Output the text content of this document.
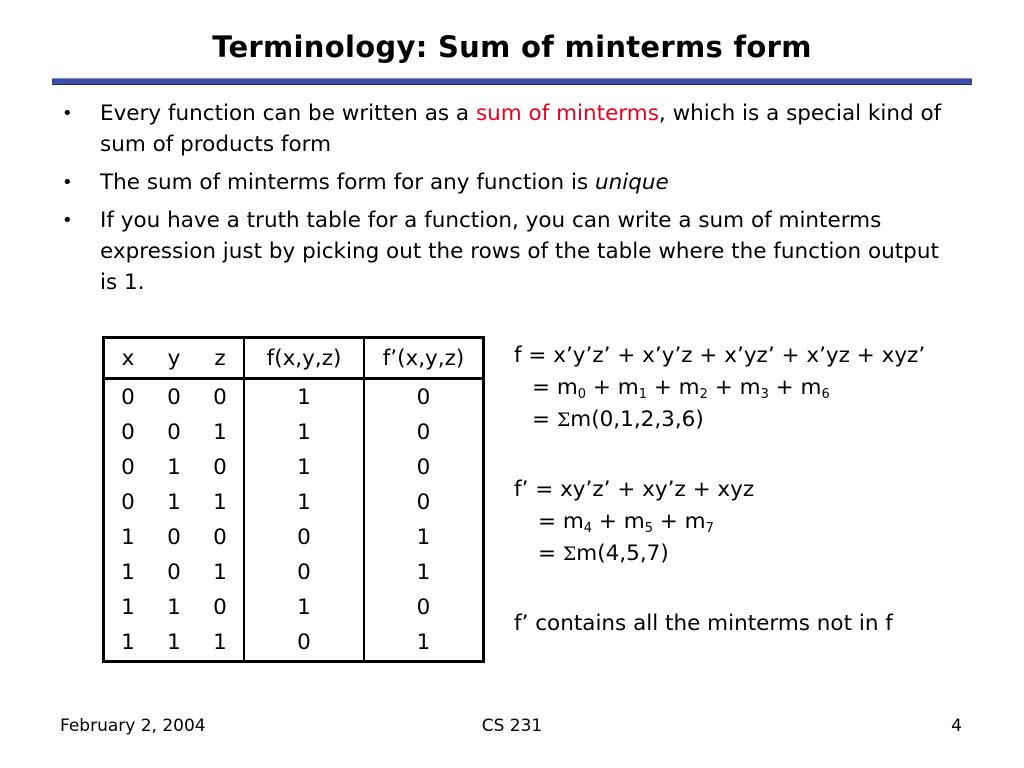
Terminology: Sum of minterms form
• Every function can be written as a sum of minterms, which is a special kind of sum of products form
• The sum of minterms form for any function is unique
• If you have a truth table for a function, you can write a sum of minterms expression just by picking out the rows of the table where the function output is 1.
x	y	z	f(x,y,z)	f’(x,y,z)
0	0	0	1	0
0	0	1	1	0
0	1	0	1	0
0	1	1	1	0
1	0	0	0	1
1	0	1	0	1
1	1	0	1	0
1	1	1	0	1
f = x’y’z’ + x’y’z + x’yz’ + x’yz + xyz’
= $m_0 + m_1 + m_2 + m_3 + m_6$
= Σm(0,1,2,3,6)
f’ = xy’z’ + xy’z + xyz
= $m_4 + m_5 + m_7$
= Σm(4,5,7)
f’ contains all the minterms not in f
February 2, 2004	CS 231	4
